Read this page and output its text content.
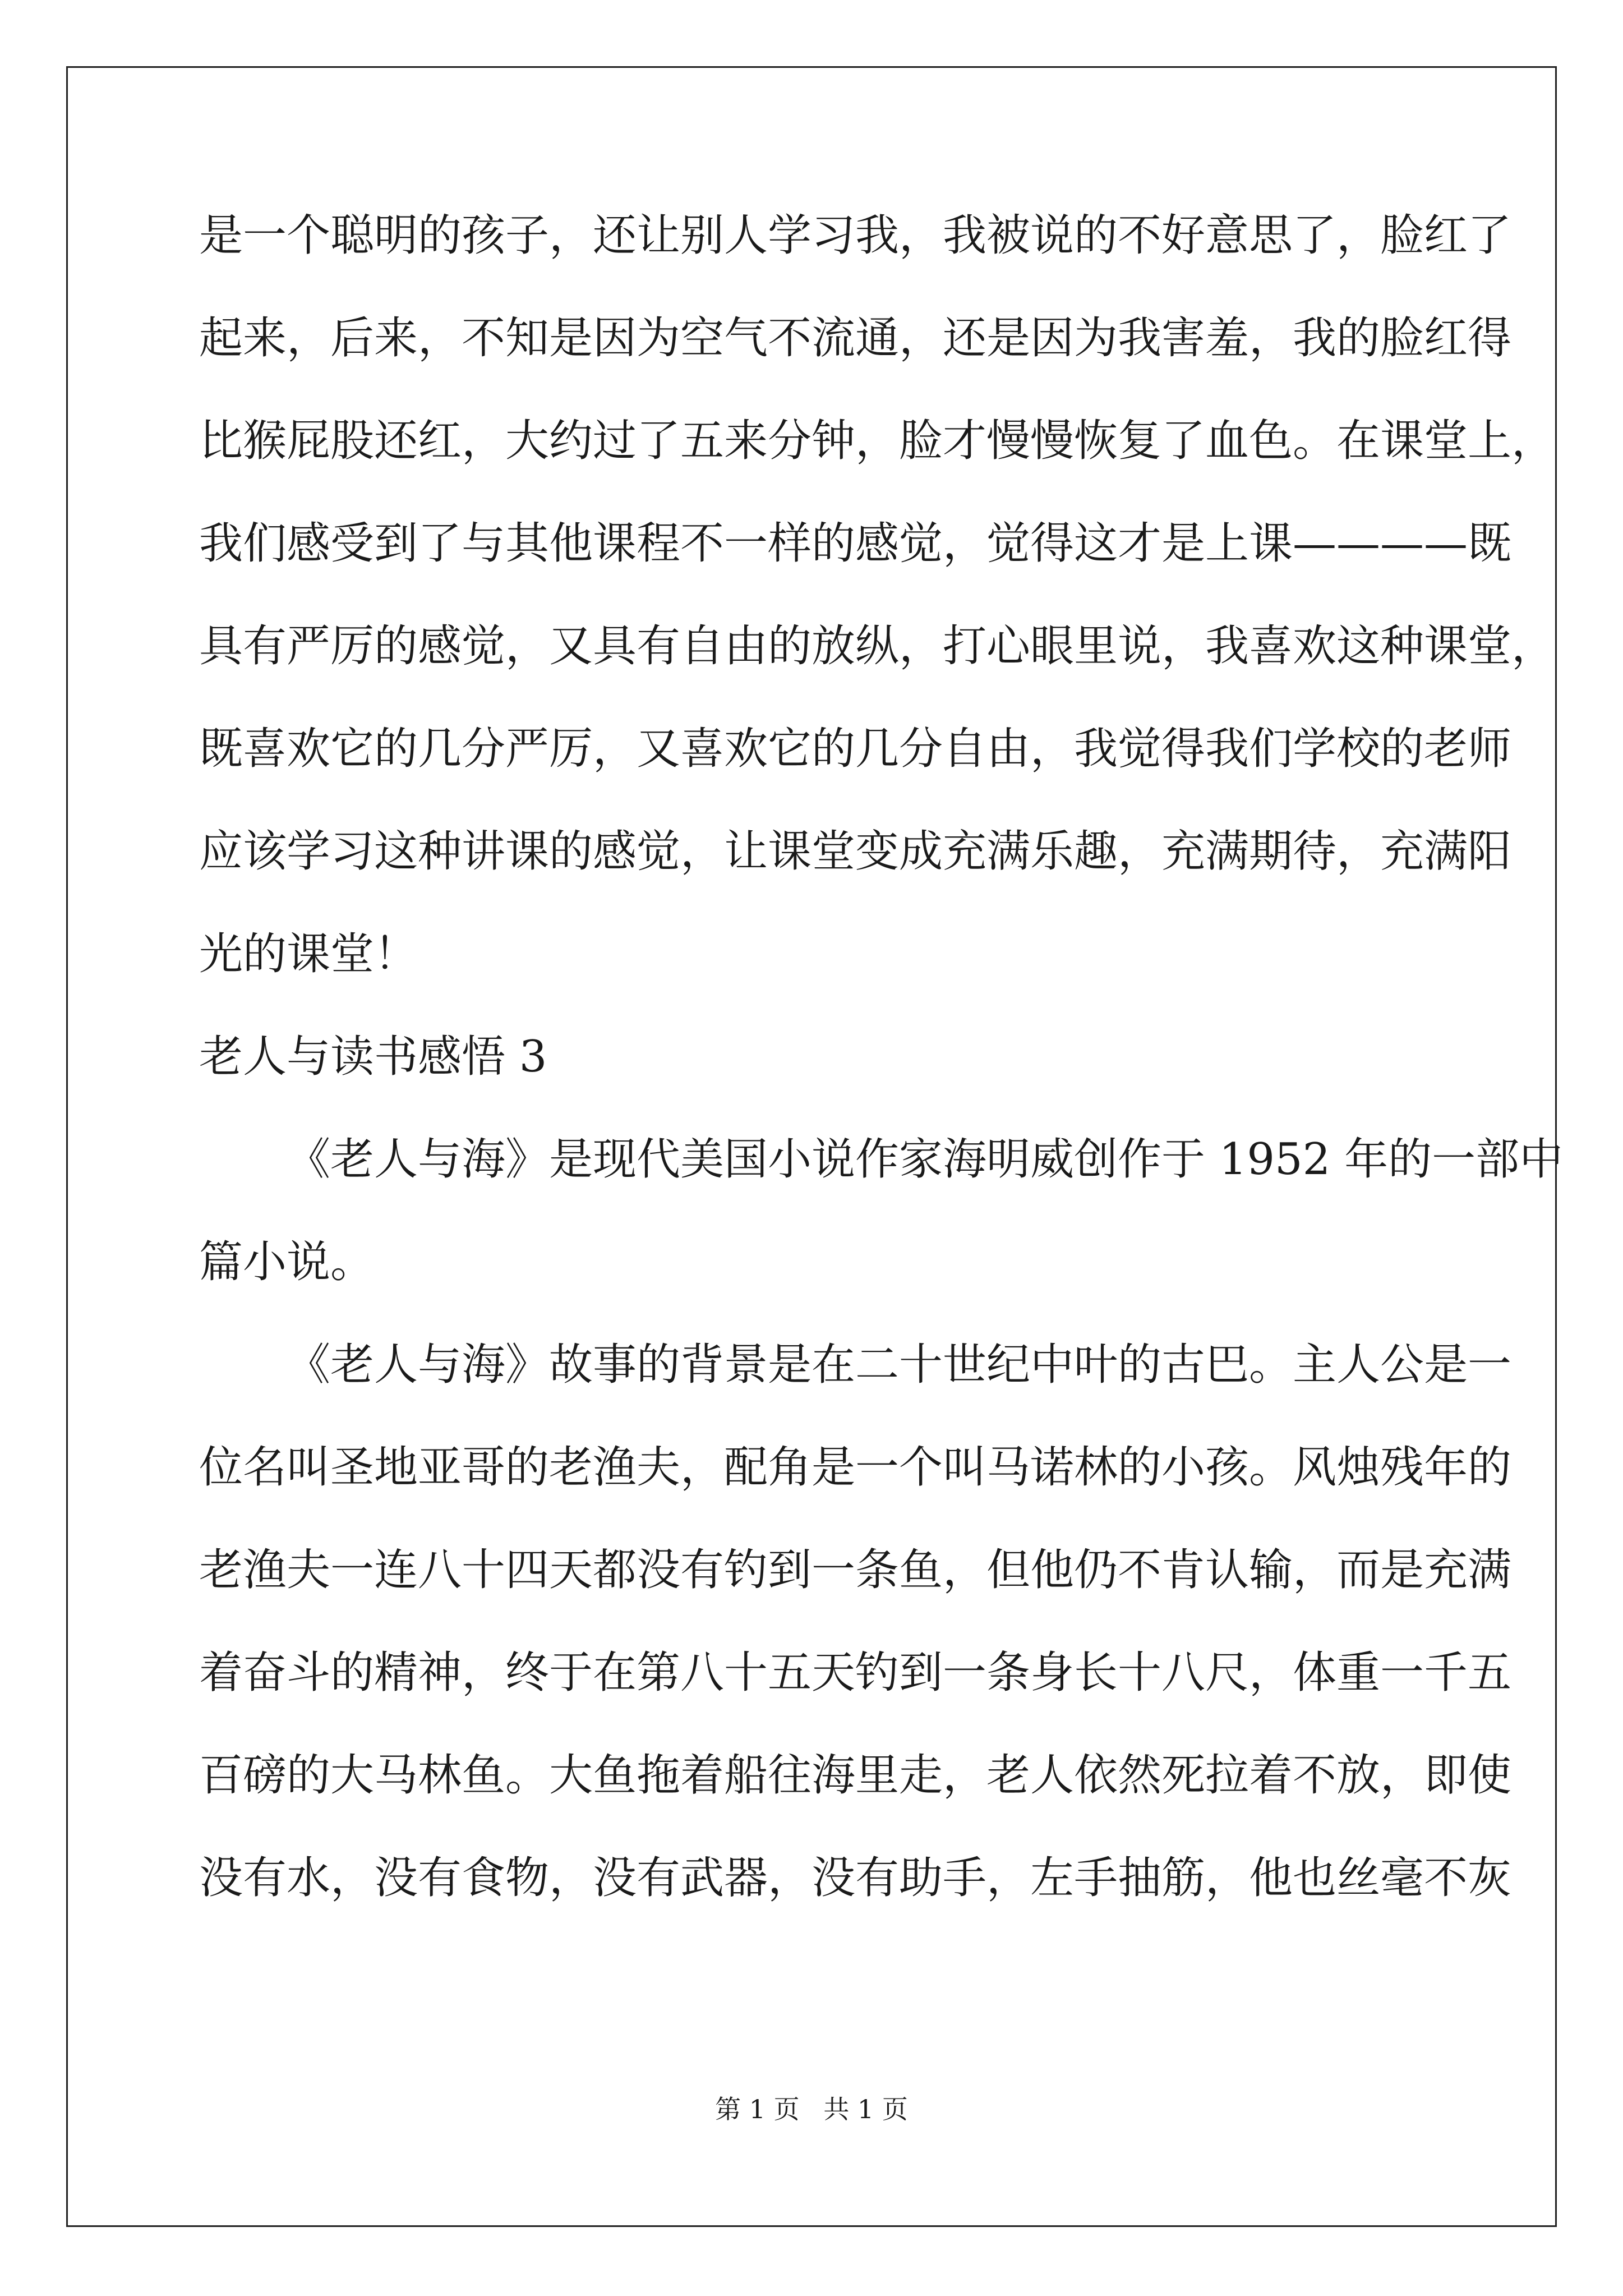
是一个聪明的孩子，还让别人学习我，我被说的不好意思了，脸红了
起来，后来，不知是因为空气不流通，还是因为我害羞，我的脸红得
比猴屁股还红，大约过了五来分钟，脸才慢慢恢复了血色。在课堂上，
我们感受到了与其他课程不一样的感觉，觉得这才是上课————既
具有严厉的感觉，又具有自由的放纵，打心眼里说，我喜欢这种课堂，
既喜欢它的几分严厉，又喜欢它的几分自由，我觉得我们学校的老师
应该学习这种讲课的感觉，让课堂变成充满乐趣，充满期待，充满阳
光的课堂！
老人与读书感悟 3
《老人与海》是现代美国小说作家海明威创作于 1952 年的一部中
篇小说。
《老人与海》故事的背景是在二十世纪中叶的古巴。主人公是一
位名叫圣地亚哥的老渔夫，配角是一个叫马诺林的小孩。风烛残年的
老渔夫一连八十四天都没有钓到一条鱼，但他仍不肯认输，而是充满
着奋斗的精神，终于在第八十五天钓到一条身长十八尺，体重一千五
百磅的大马林鱼。大鱼拖着船往海里走，老人依然死拉着不放，即使
没有水，没有食物，没有武器，没有助手，左手抽筋，他也丝毫不灰
第 1 页 共 1 页
